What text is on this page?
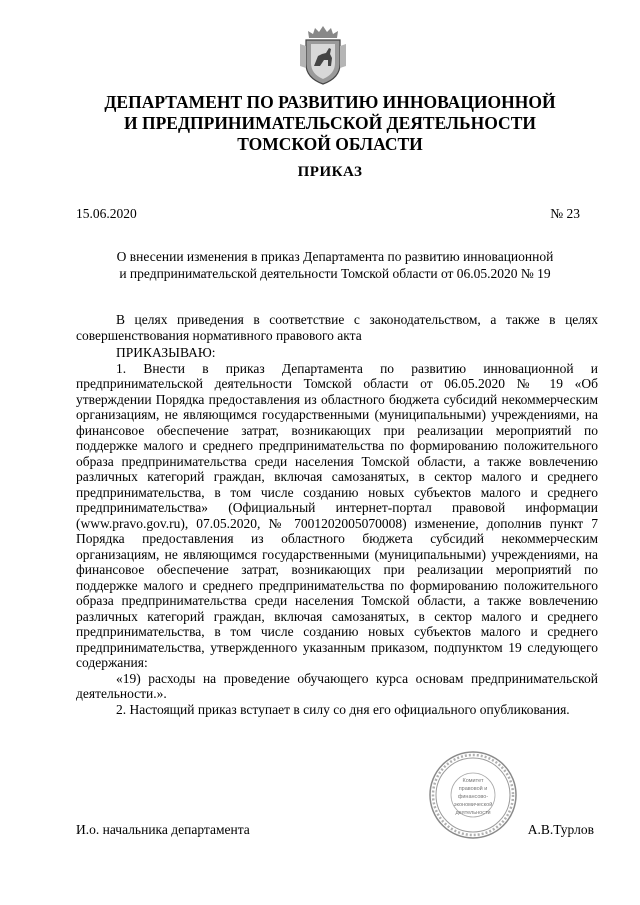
ДЕПАРТАМЕНТ ПО РАЗВИТИЮ ИННОВАЦИОННОЙ
И ПРЕДПРИНИМАТЕЛЬСКОЙ ДЕЯТЕЛЬНОСТИ
ТОМСКОЙ ОБЛАСТИ
ПРИКАЗ
15.06.2020	№ 23
О внесении изменения в приказ Департамента по развитию инновационной
и предпринимательской деятельности Томской области от 06.05.2020 № 19

В целях приведения в соответствие с законодательством, а также в целях совершенствования нормативного правового акта

ПРИКАЗЫВАЮ:

1. Внести в приказ Департамента по развитию инновационной и предпринимательской деятельности Томской области от 06.05.2020 № 19 «Об утверждении Порядка предоставления из областного бюджета субсидий некоммерческим организациям, не являющимся государственными (муниципальными) учреждениями, на финансовое обеспечение затрат, возникающих при реализации мероприятий по поддержке малого и среднего предпринимательства по формированию положительного образа предпринимательства среди населения Томской области, а также вовлечению различных категорий граждан, включая самозанятых, в сектор малого и среднего предпринимательства, в том числе созданию новых субъектов малого и среднего предпринимательства» (Официальный интернет-портал правовой информации (www.pravo.gov.ru), 07.05.2020, № 7001202005070008) изменение, дополнив пункт 7 Порядка предоставления из областного бюджета субсидий некоммерческим организациям, не являющимся государственными (муниципальными) учреждениями, на финансовое обеспечение затрат, возникающих при реализации мероприятий по поддержке малого и среднего предпринимательства по формированию положительного образа предпринимательства среди населения Томской области, а также вовлечению различных категорий граждан, включая самозанятых, в сектор малого и среднего предпринимательства, в том числе созданию новых субъектов малого и среднего предпринимательства, утвержденного указанным приказом, подпунктом 19 следующего содержания:

«19) расходы на проведение обучающего курса основам предпринимательской деятельности.».

2. Настоящий приказ вступает в силу со дня его официального опубликования.

Комитет
правовой и
финансово-
экономической
деятельности
И.о. начальника департамента	А.В.Турлов
